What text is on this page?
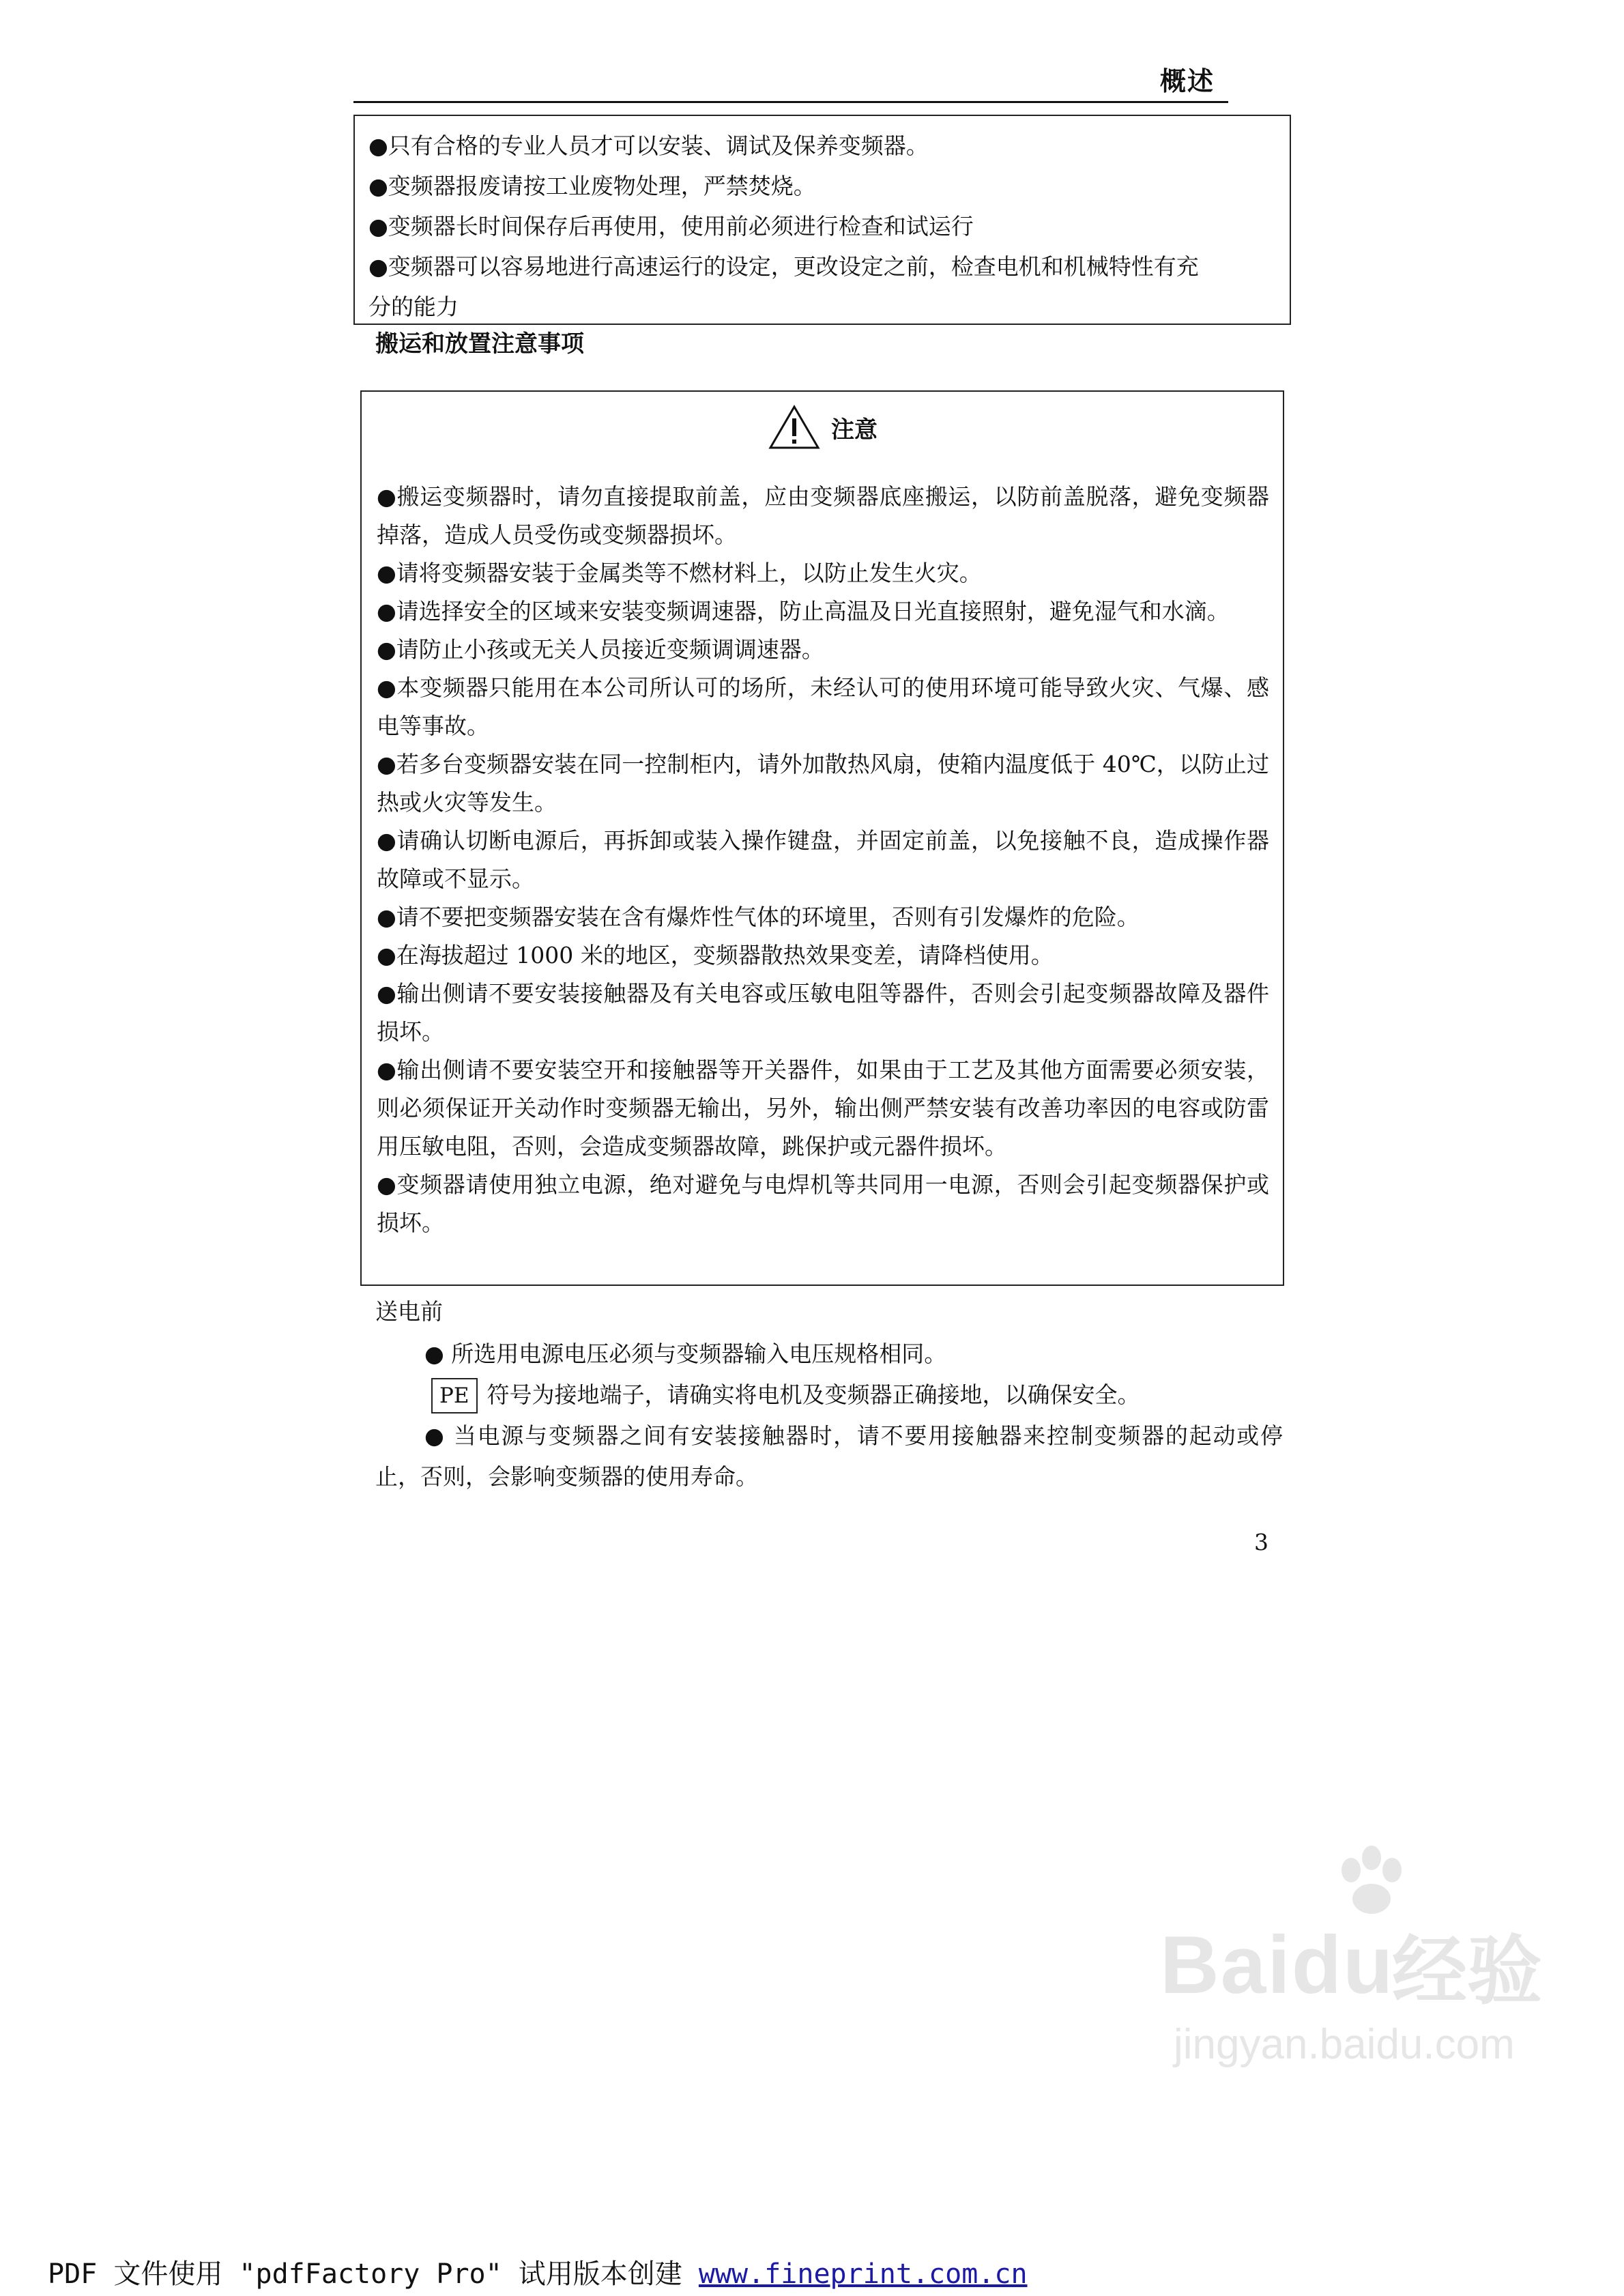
概述

●只有合格的专业人员才可以安装、调试及保养变频器。

●变频器报废请按工业废物处理，严禁焚烧。

●变频器长时间保存后再使用，使用前必须进行检查和试运行

●变频器可以容易地进行高速运行的设定，更改设定之前，检查电机和机械特性有充

分的能力

搬运和放置注意事项
注意

●搬运变频器时，请勿直接提取前盖，应由变频器底座搬运，以防前盖脱落，避免变频器掉落，造成人员受伤或变频器损坏。

●请将变频器安装于金属类等不燃材料上，以防止发生火灾。

●请选择安全的区域来安装变频调速器，防止高温及日光直接照射，避免湿气和水滴。

●请防止小孩或无关人员接近变频调调速器。

●本变频器只能用在本公司所认可的场所，未经认可的使用环境可能导致火灾、气爆、感电等事故。

●若多台变频器安装在同一控制柜内，请外加散热风扇，使箱内温度低于 40℃，以防止过热或火灾等发生。

●请确认切断电源后，再拆卸或装入操作键盘，并固定前盖，以免接触不良，造成操作器故障或不显示。

●请不要把变频器安装在含有爆炸性气体的环境里，否则有引发爆炸的危险。

●在海拔超过 1000 米的地区，变频器散热效果变差，请降档使用。

●输出侧请不要安装接触器及有关电容或压敏电阻等器件，否则会引起变频器故障及器件损坏。

●输出侧请不要安装空开和接触器等开关器件，如果由于工艺及其他方面需要必须安装，则必须保证开关动作时变频器无输出，另外，输出侧严禁安装有改善功率因的电容或防雷用压敏电阻，否则，会造成变频器故障，跳保护或元器件损坏。

●变频器请使用独立电源，绝对避免与电焊机等共同用一电源，否则会引起变频器保护或损坏。

送电前
● 所选用电源电压必须与变频器输入电压规格相同。
PE 符号为接地端子，请确实将电机及变频器正确接地，以确保安全。
● 当电源与变频器之间有安装接触器时，请不要用接触器来控制变频器的起动或停止，否则，会影响变频器的使用寿命。
3
Baidu
经验
jingyan.baidu.com
PDF 文件使用 "pdfFactory Pro" 试用版本创建 www.fineprint.com.cn
